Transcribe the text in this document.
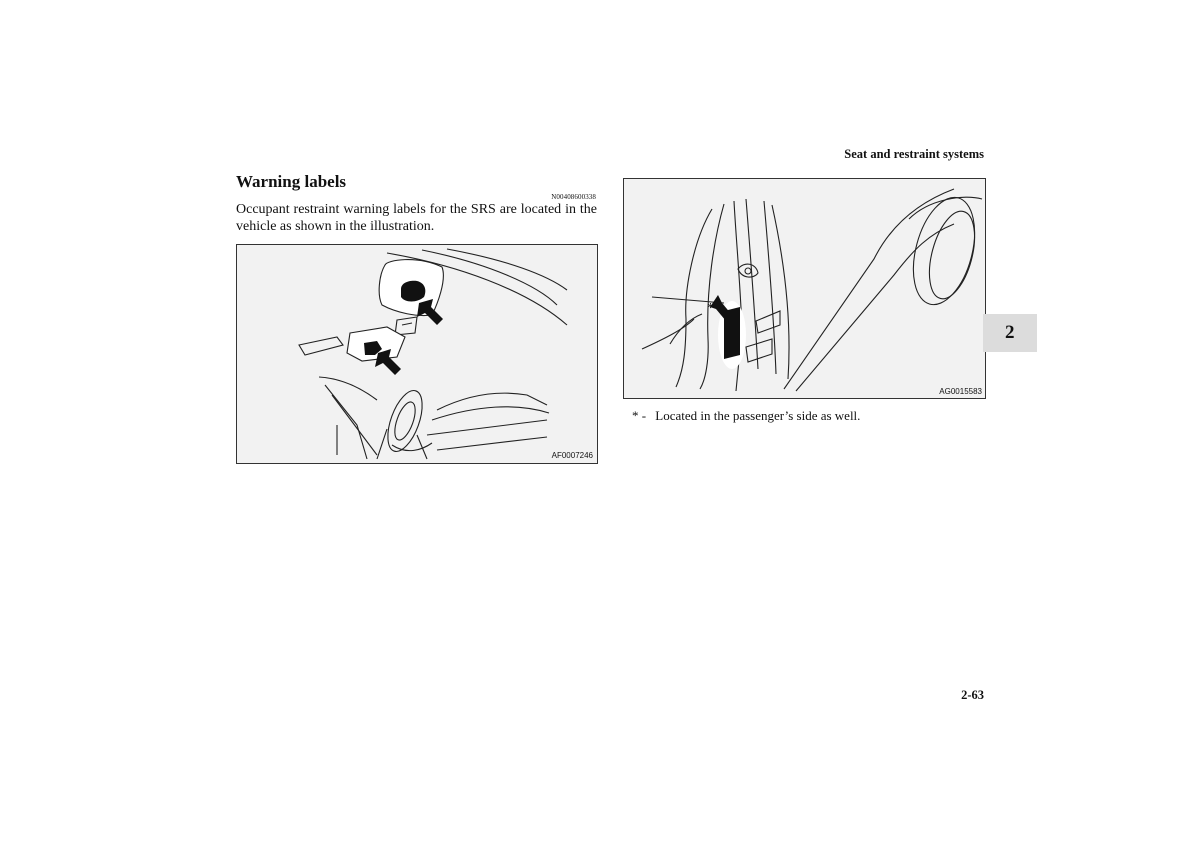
Seat and restraint systems
Warning labels
N00408600338
Occupant restraint warning labels for the SRS are located in the vehicle as shown in the illustration.
AF0007246
*
AG0015583
* - Located in the passenger’s side as well.
2
2-63
